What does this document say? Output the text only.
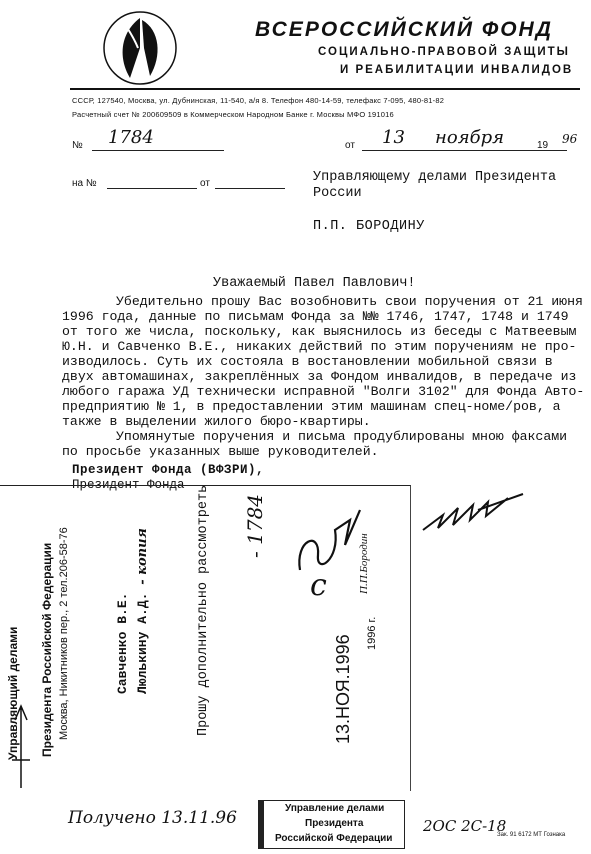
ВСЕРОССИЙСКИЙ ФОНД
СОЦИАЛЬНО-ПРАВОВОЙ ЗАЩИТЫ
И РЕАБИЛИТАЦИИ ИНВАЛИДОВ
СССР, 127540, Москва, ул. Дубнинская, 11-540, а/я 8. Телефон 480-14-59, телефакс 7-095, 480-81-82
Расчетный счет № 200609509 в Коммерческом Народном Банке г. Москвы МФО 191016
№ 1784	от 13 ноября	19 96
на №	от	Управляющему делами Президента
России
П.П. БОРОДИНУ
Уважаемый Павел Павлович!
Убедительно прошу Вас возобновить свои поручения от 21 июня
1996 года, данные по письмам Фонда за №№ 1746, 1747, 1748 и 1749
от того же числа, поскольку, как выяснилось из беседы с Матвеевым
Ю.Н. и Савченко В.Е., никаких действий по этим поручениям не про-
изводилось. Суть их состояла в востановлении мобильной связи в
двух автомашинах, закреплённых за Фондом инвалидов, в передаче из
любого гаража УД технически исправной "Волги 3102" для Фонда Авто-
предприятию № 1, в предоставлении этим машинам спец-номе/ров, а
также в выделении жилого бюро-квартиры.
Упомянутые поручения и письма продублированы мною факсами
по просьбе указанных выше руководителей.
Президент Фонда (ВФЗРИ),
Президент Фонда
Управляющий делами Президента Российской Федерации Москва, Никитников пер., 2 тел.206-58-76	Савченко В.Е. Люлькину А.Д. - копия	Прошу дополнительно рассмотреть - 1784
с	П.П.Бородин
1996 г.
13.НОЯ.1996
Получено 13.11.96	Управление делами
Президента
Российской Федерации
2ОС 2С-18
Зак. 91 6172 МТ Гознака
